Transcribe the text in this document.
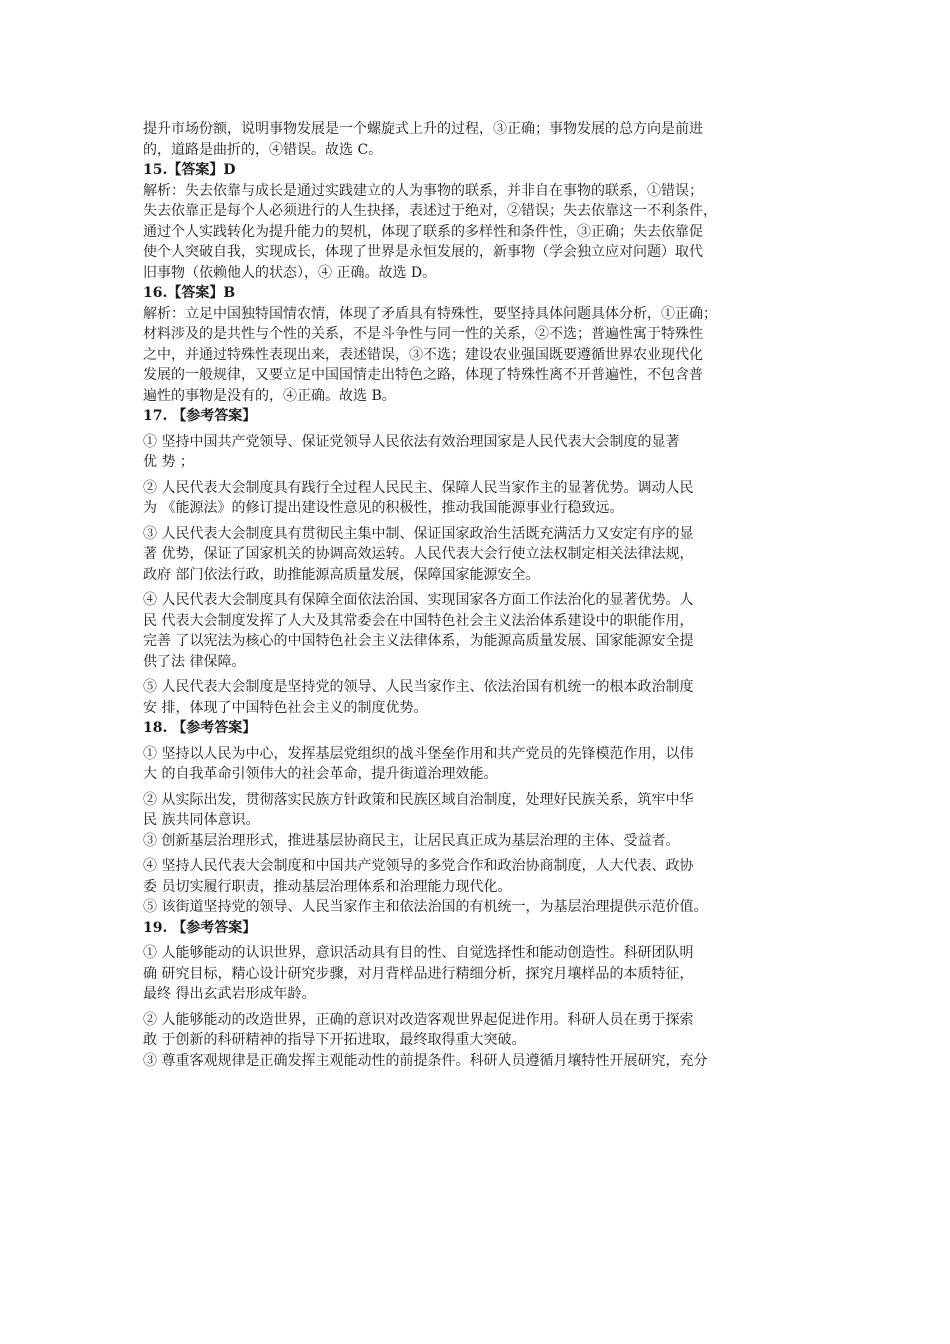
提升市场份额，说明事物发展是一个螺旋式上升的过程，③正确；事物发展的总方向是前进

的，道路是曲折的，④错误。故选 C。

15.【答案】D

解析：失去依靠与成长是通过实践建立的人为事物的联系，并非自在事物的联系，①错误；

失去依靠正是每个人必须进行的人生抉择，表述过于绝对，②错误；失去依靠这一不利条件，

通过个人实践转化为提升能力的契机，体现了联系的多样性和条件性，③正确；失去依靠促

使个人突破自我，实现成长，体现了世界是永恒发展的，新事物（学会独立应对问题）取代

旧事物（依赖他人的状态），④ 正确。故选 D。

16.【答案】B

解析：立足中国独特国情农情，体现了矛盾具有特殊性，要坚持具体问题具体分析，①正确；

材料涉及的是共性与个性的关系，不是斗争性与同一性的关系，②不选；普遍性寓于特殊性

之中，并通过特殊性表现出来，表述错误，③不选；建设农业强国既要遵循世界农业现代化

发展的一般规律，又要立足中国国情走出特色之路，体现了特殊性离不开普遍性，不包含普

遍性的事物是没有的，④正确。故选 B。

17. 【参考答案】

① 坚持中国共产党领导、保证党领导人民依法有效治理国家是人民代表大会制度的显著

优 势 ；

② 人民代表大会制度具有践行全过程人民民主、保障人民当家作主的显著优势。调动人民

为 《能源法》的修订提出建设性意见的积极性，推动我国能源事业行稳致远。

③ 人民代表大会制度具有贯彻民主集中制、保证国家政治生活既充满活力又安定有序的显

著 优势，保证了国家机关的协调高效运转。人民代表大会行使立法权制定相关法律法规，

政府 部门依法行政，助推能源高质量发展，保障国家能源安全。

④ 人民代表大会制度具有保障全面依法治国、实现国家各方面工作法治化的显著优势。人

民 代表大会制度发挥了人大及其常委会在中国特色社会主义法治体系建设中的职能作用，

完善 了以宪法为核心的中国特色社会主义法律体系，为能源高质量发展、国家能源安全提

供了法 律保障。

⑤ 人民代表大会制度是坚持党的领导、人民当家作主、依法治国有机统一的根本政治制度

安 排，体现了中国特色社会主义的制度优势。

18. 【参考答案】

① 坚持以人民为中心，发挥基层党组织的战斗堡垒作用和共产党员的先锋模范作用，以伟

大 的自我革命引领伟大的社会革命，提升街道治理效能。

② 从实际出发，贯彻落实民族方针政策和民族区域自治制度，处理好民族关系，筑牢中华

民 族共同体意识。

③ 创新基层治理形式，推进基层协商民主，让居民真正成为基层治理的主体、受益者。

④ 坚持人民代表大会制度和中国共产党领导的多党合作和政治协商制度，人大代表、政协

委 员切实履行职责，推动基层治理体系和治理能力现代化。

⑤ 该街道坚持党的领导、人民当家作主和依法治国的有机统一，为基层治理提供示范价值。

19. 【参考答案】

① 人能够能动的认识世界，意识活动具有目的性、自觉选择性和能动创造性。科研团队明

确 研究目标，精心设计研究步骤，对月背样品进行精细分析，探究月壤样品的本质特征，

最终 得出玄武岩形成年龄。

② 人能够能动的改造世界，正确的意识对改造客观世界起促进作用。科研人员在勇于探索

敢 于创新的科研精神的指导下开拓进取，最终取得重大突破。

③ 尊重客观规律是正确发挥主观能动性的前提条件。科研人员遵循月壤特性开展研究，充分
